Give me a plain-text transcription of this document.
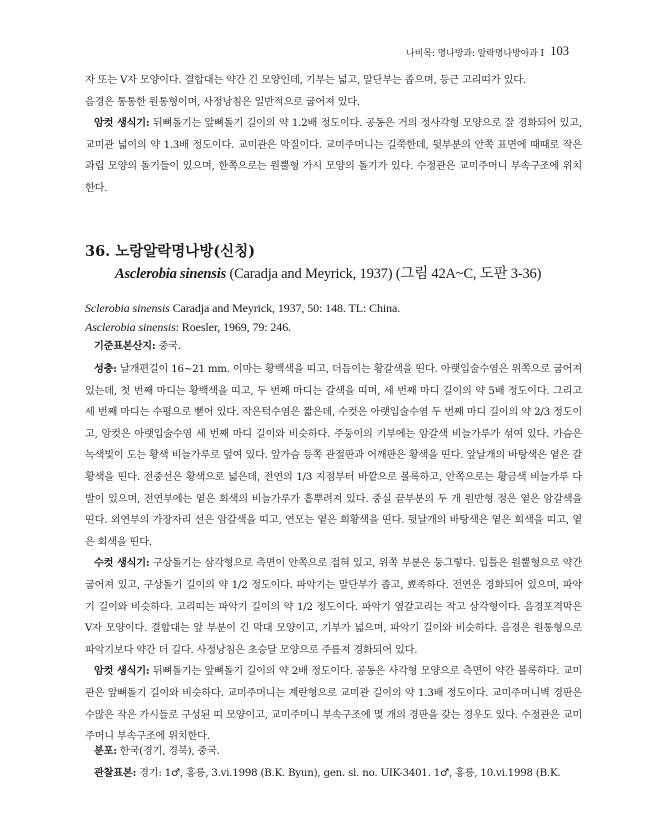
나비목: 명나방과: 알락명나방아과 I 103

자 또는 V자 모양이다. 결합대는 약간 긴 모양인데, 기부는 넓고, 말단부는 좁으며, 등근 고리띠가 있다.

음경은 통통한 원통형이며, 사정낭침은 일반적으로 굽어져 있다.

암컷 생식기: 뒤뼈돌기는 앞뼈돌기 길이의 약 1.2배 정도이다. 공동은 거의 정사각형 모양으로 잘 경화되어 있고, 교미관 넓이의 약 1.3배 정도이다. 교미관은 막질이다. 교미주머니는 길쭉한데, 뒷부분의 안쪽 표면에 때때로 작은 과립 모양의 돌기들이 있으며, 한쪽으로는 원뿔형 가시 모양의 돌기가 있다. 수정관은 교미주머니 부속구조에 위치한다.

36. 노랑알락명나방(신칭)
Asclerobia sinensis (Caradja and Meyrick, 1937) (그림 42A~C, 도판 3-36)

Sclerobia sinensis Caradja and Meyrick, 1937, 50: 148. TL: China.

Asclerobia sinensis: Roesler, 1969, 79: 246.

기준표본산지: 중국.

성충: 날개편길이 16~21 mm. 이마는 황백색을 띠고, 더듬이는 황갈색을 띤다. 아랫입술수염은 위쪽으로 굽어져 있는데, 첫 번째 마디는 황백색을 띠고, 두 번째 마디는 갈색을 띠며, 세 번째 마디 길이의 약 5배 정도이다. 그리고 세 번째 마디는 수평으로 뻗어 있다. 작은턱수염은 짧은데, 수컷은 아랫입술수염 두 번째 마디 길이의 약 2/3 정도이고, 암컷은 아랫입술수염 세 번째 마디 길이와 비슷하다. 주둥이의 기부에는 암갈색 비늘가루가 섞여 있다. 가슴은 녹색빛이 도는 황색 비늘가루로 덮여 있다. 앞가슴 등쪽 관절판과 어깨판은 황색을 띤다. 앞날개의 바탕색은 옅은 갈황색을 띤다. 전중선은 황색으로 넓은데, 전연의 1/3 지점부터 바깥으로 볼록하고, 안쪽으로는 황금색 비늘가루 다발이 있으며, 전연부에는 옅은 회색의 비늘가루가 흩뿌려져 있다. 중실 끝부분의 두 개 원반형 점은 옅은 암갈색을 띤다. 외연부의 가장자리 선은 암갈색을 띠고, 연모는 옅은 회황색을 띤다. 뒷날개의 바탕색은 옅은 회색을 띠고, 옅은 회색을 띤다.

수컷 생식기: 구상돌기는 삼각형으로 측면이 안쪽으로 접혀 있고, 위쪽 부분은 둥그렇다. 입틀은 원뿔형으로 약간 굽어져 있고, 구상돌기 길이의 약 1/2 정도이다. 파악기는 말단부가 좁고, 뾰족하다. 전연은 경화되어 있으며, 파악기 길이와 비슷하다. 고리띠는 파악기 길이의 약 1/2 정도이다. 파악기 옆갈고리는 작고 삼각형이다. 음경포격막은 V자 모양이다. 결합대는 앞 부분이 긴 막대 모양이고, 기부가 넓으며, 파악기 길이와 비슷하다. 음경은 원통형으로 파악기보다 약간 더 길다. 사정낭침은 초승달 모양으로 주름져 경화되어 있다.

암컷 생식기: 뒤뼈돌기는 앞뼈돌기 길이의 약 2배 정도이다. 공동은 사각형 모양으로 측면이 약간 볼록하다. 교미관은 앞뼈돌기 길이와 비슷하다. 교미주머니는 계란형으로 교미관 길이의 약 1.3배 정도이다. 교미주머니벽 경판은 수많은 작은 가시들로 구성된 띠 모양이고, 교미주머니 부속구조에 몇 개의 경판을 갖는 경우도 있다. 수정관은 교미주머니 부속구조에 위치한다.

분포: 한국(경기, 경북), 중국.

관찰표본: 경기: 1♂, 홍릉, 3.vi.1998 (B.K. Byun), gen. sl. no. UIK-3401. 1♂, 홍릉, 10.vi.1998 (B.K.
